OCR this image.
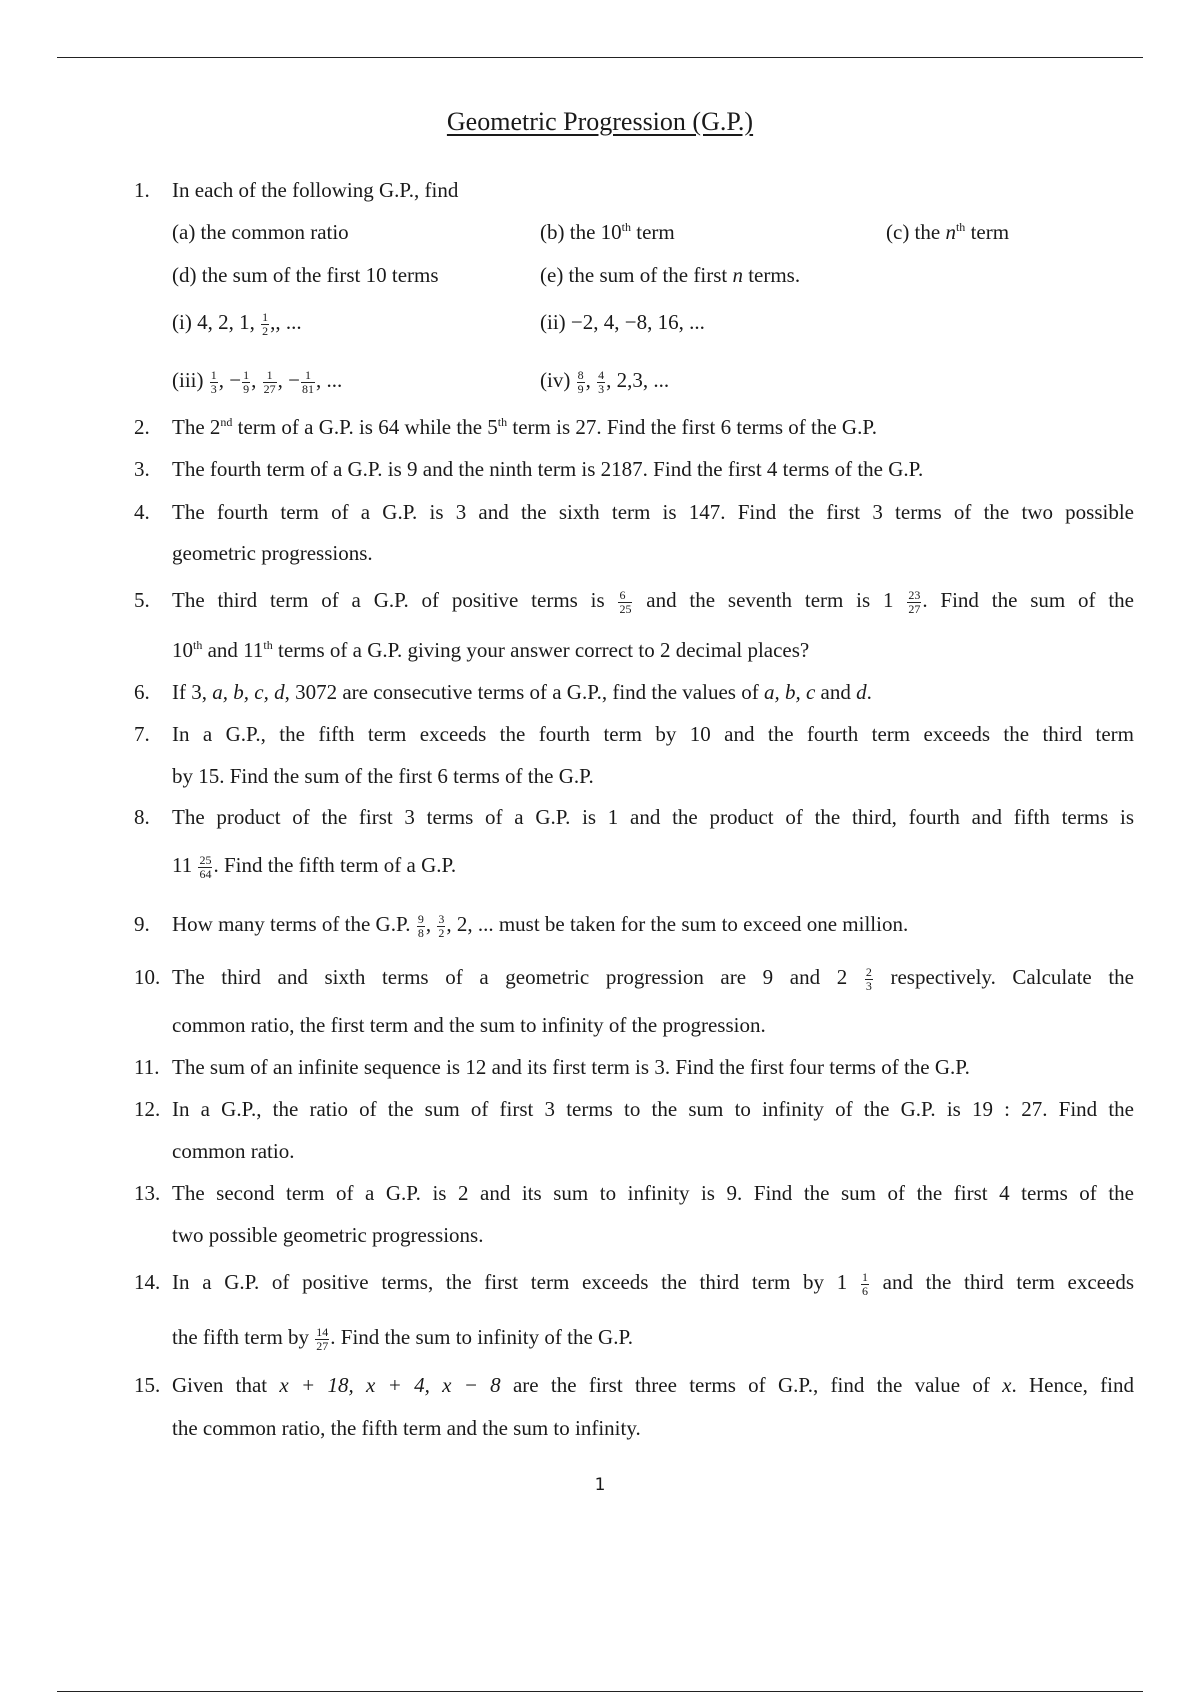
Geometric Progression (G.P.)
1. In each of the following G.P., find
(a) the common ratio	(b) the 10th term	(c) the $n^{th}$ term
(d) the sum of the first 10 terms	(e) the sum of the first n terms.
(i) 4, 2, 1, $\frac{1}{2}$ ,, ...	(ii) −2, 4, −8, 16, ...
$(iii) \frac{1}{3}$ , − $\frac{1}{9}$ , $\frac{1}{27}$ , − $\frac{1}{81}$ , ...	$(iv) \frac{8}{9}$ , $\frac{4}{3}$ , 2,3, ...
2. The 2nd term of a G.P. is 64 while the 5th term is 27. Find the first 6 terms of the G.P.
3. The fourth term of a G.P. is 9 and the ninth term is 2187. Find the first 4 terms of the G.P.
4. The fourth term of a G.P. is 3 and the sixth term is 147. Find the first 3 terms of the two possible
geometric progressions.
5. The third term of a G.P. of positive terms is $\frac{6}{25}$ and the seventh term is $1 \frac{23}{27}$ . Find the sum of the
10th and 11th terms of a G.P. giving your answer correct to 2 decimal places?
6. If 3, a, b, c, d, 3072 are consecutive terms of a G.P., find the values of a, b, c and d.
7. In a G.P., the fifth term exceeds the fourth term by 10 and the fourth term exceeds the third term
by 15. Find the sum of the first 6 terms of the G.P.
8. The product of the first 3 terms of a G.P. is 1 and the product of the third, fourth and fifth terms is
$11 \frac{25}{64}$ . Find the fifth term of a G.P.
9. How many terms of the G.P. $\frac{9}{8}$ , $\frac{3}{2}$ , 2, ... must be taken for the sum to exceed one million.
10. The third and sixth terms of a geometric progression are 9 and $2 \frac{2}{3}$ respectively. Calculate the
common ratio, the first term and the sum to infinity of the progression.
11. The sum of an infinite sequence is 12 and its first term is 3. Find the first four terms of the G.P.
12. In a G.P., the ratio of the sum of first 3 terms to the sum to infinity of the G.P. is 19 : 27. Find the
common ratio.
13. The second term of a G.P. is 2 and its sum to infinity is 9. Find the sum of the first 4 terms of the
two possible geometric progressions.
14. In a G.P. of positive terms, the first term exceeds the third term by $1 \frac{1}{6}$ and the third term exceeds
the fifth term by $\frac{14}{27}$ . Find the sum to infinity of the G.P.
15. Given that x + 18, x + 4, x − 8 are the first three terms of G.P., find the value of x. Hence, find
the common ratio, the fifth term and the sum to infinity.
1
